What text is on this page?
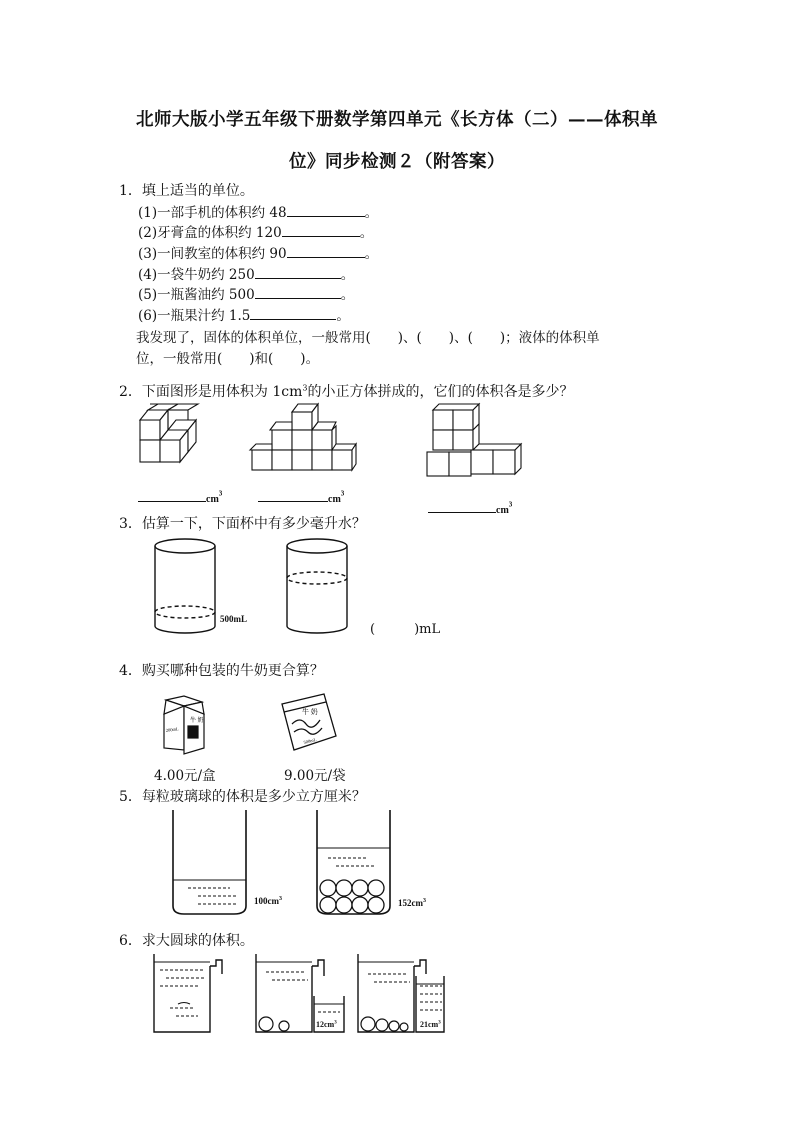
北师大版小学五年级下册数学第四单元《长方体（二）——体积单
位》同步检测２（附答案）
1．填上适当的单位。
(1)一部手机的体积约 48	。
(2)牙膏盒的体积约 120	。
(3)一间教室的体积约 90	。
(4)一袋牛奶约 250	。
(5)一瓶酱油约 500	。
(6)一瓶果汁约 1.5	。
我发现了，固体的体积单位，一般常用(　　)、(　　)、(　　)；液体的体积单
位，一般常用(　　)和(　　)。
2．下面图形是用体积为 $1cm^3$的小正方体拼成的，它们的体积各是多少？
$cm^3$
$cm^3$
$cm^3$
3．估算一下，下面杯中有多少毫升水？
500mL
(　　　)mL
4．购买哪种包装的牛奶更合算？
牛 奶
200mL
牛 奶
500mL
4.00元/盒	9.00元/袋
5．每粒玻璃球的体积是多少立方厘米？
$100cm^3$	$152cm^3$
6．求大圆球的体积。
$12cm^3$	$21cm^3$
